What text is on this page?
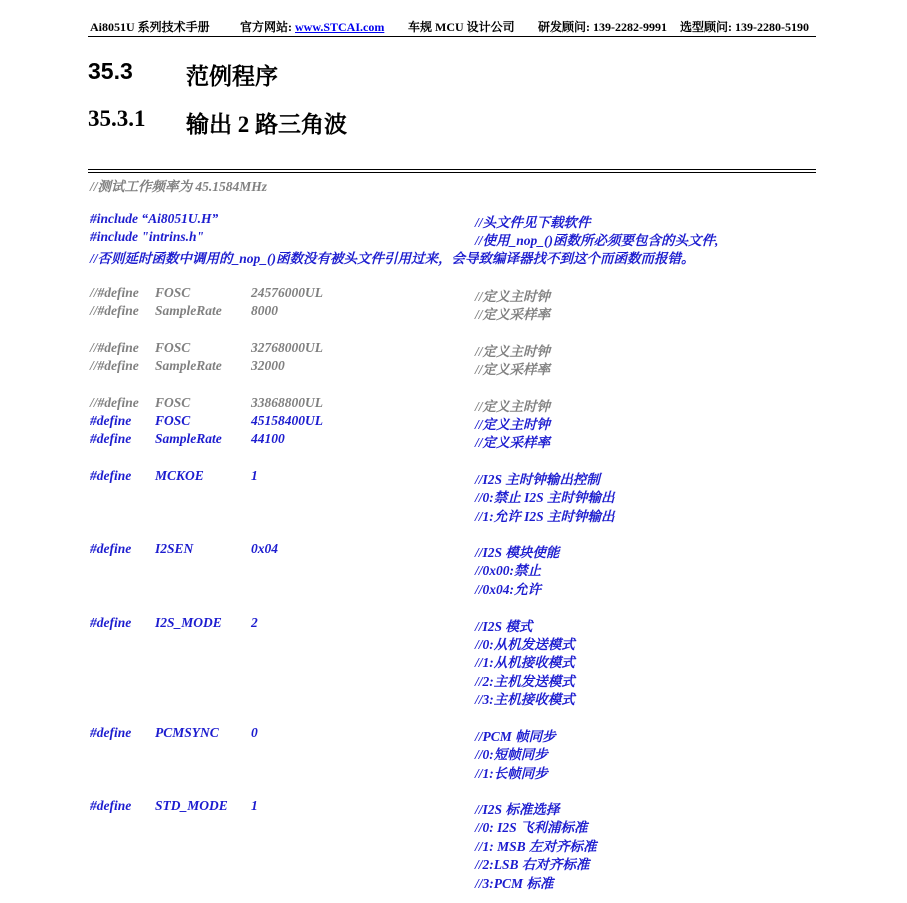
Ai8051U 系列技术手册	官方网站: www.STCAI.com 车规 MCU 设计公司 研发顾问: 139-2282-9991 选型顾问: 139-2280-5190
35.3 范例程序
35.3.1 输出 2 路三角波
//测试工作频率为 45.1584MHz
#include “Ai8051U.H”	//头文件见下载软件
#include "intrins.h"	//使用_nop_()函数所必须要包含的头文件,
//否则延时函数中调用的_nop_()函数没有被头文件引用过来，会导致编译器找不到这个而函数而报错。
//#define FOSC	24576000UL	//定义主时钟
//#define SampleRate 8000	//定义采样率
//#define FOSC	32768000UL	//定义主时钟
//#define SampleRate 32000	//定义采样率
//#define FOSC	33868800UL	//定义主时钟
#define FOSC	45158400UL	//定义主时钟
#define SampleRate 44100	//定义采样率
#define MCKOE	1	//I2S 主时钟输出控制
//0:禁止 I2S 主时钟输出
//1:允许 I2S 主时钟输出
#define I2SEN	0x04	//I2S 模块使能
//0x00:禁止
//0x04:允许
#define I2S_MODE 2	//I2S 模式
//0:从机发送模式
//1:从机接收模式
//2:主机发送模式
//3:主机接收模式
#define PCMSYNC 0	//PCM 帧同步
//0:短帧同步
//1:长帧同步
#define STD_MODE 1	//I2S 标准选择
//0: I2S 飞利浦标准
//1: MSB 左对齐标准
//2:LSB 右对齐标准
//3:PCM 标准
